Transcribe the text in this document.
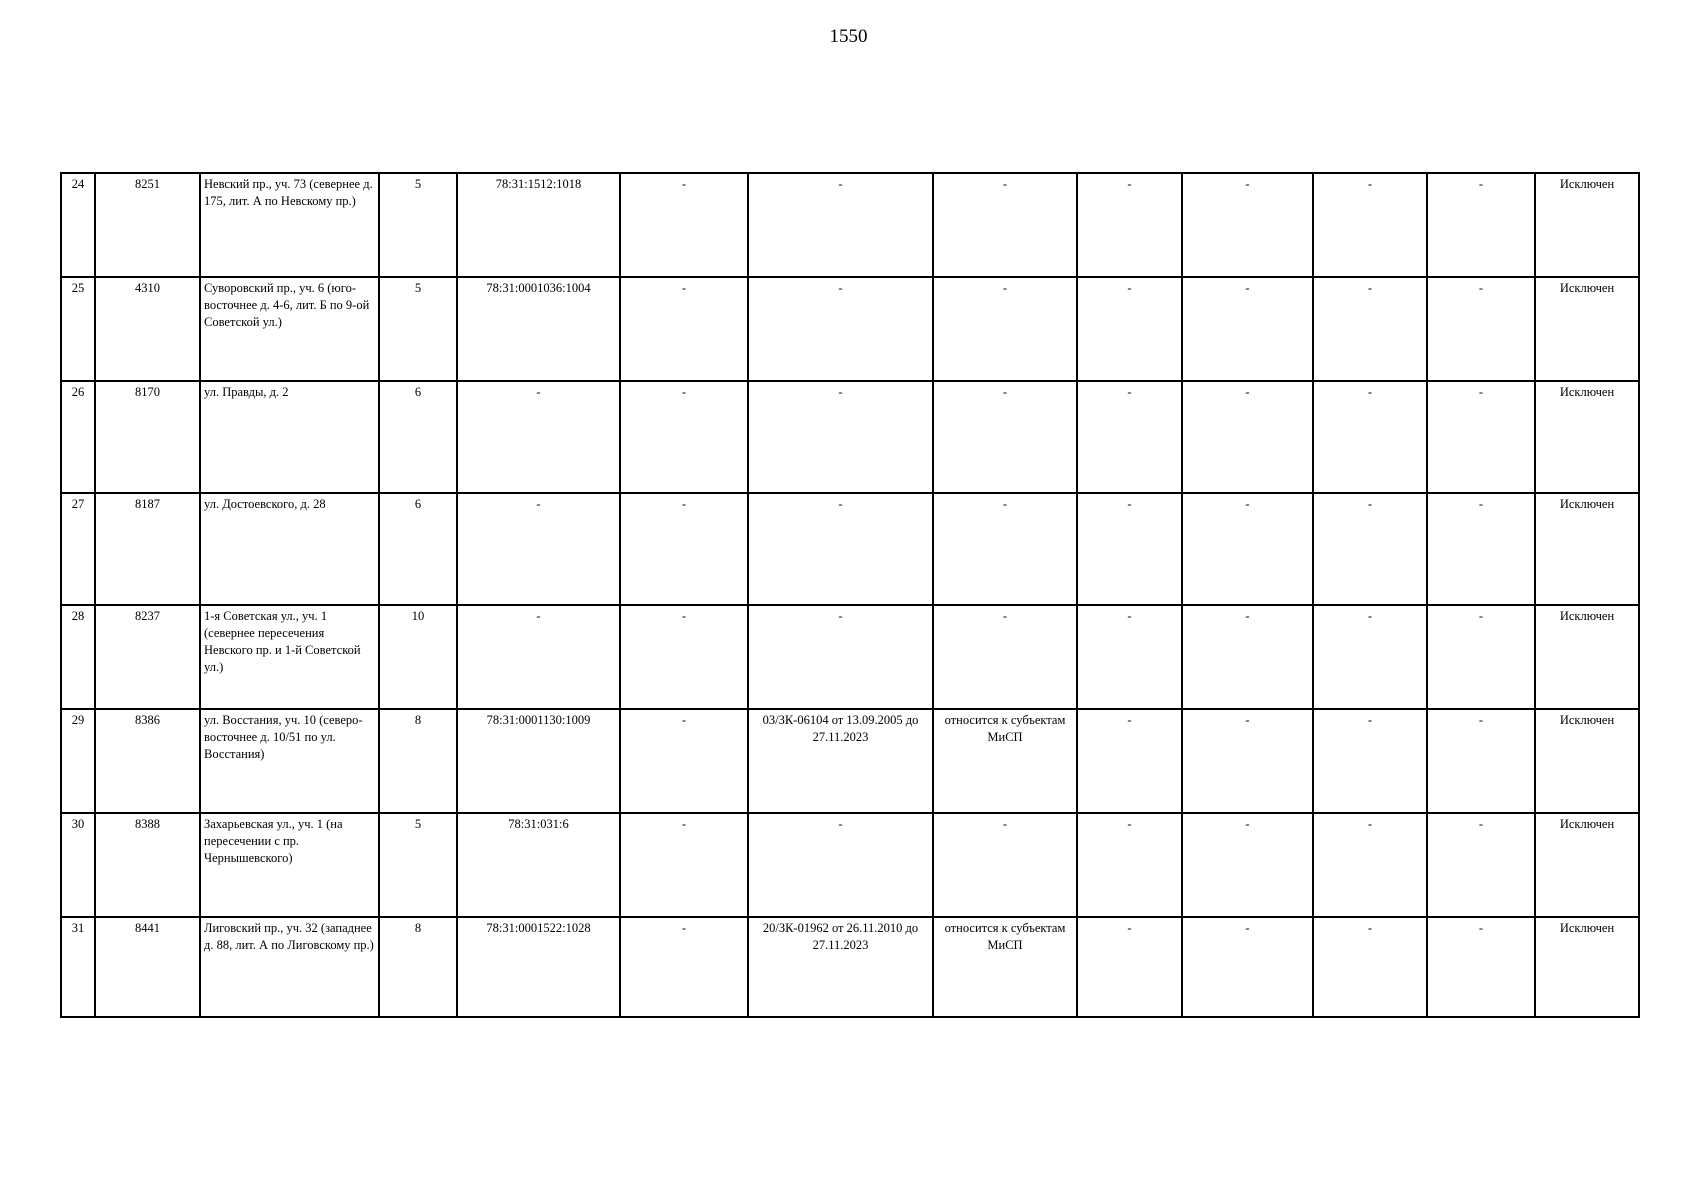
1550
24	8251	Невский пр., уч. 73 (севернее д. 175, лит. А по Невскому пр.)	5	78:31:1512:1018	-	-	-	-	-	-	-	Исключен
25	4310	Суворовский пр., уч. 6 (юго-восточнее д. 4-6, лит. Б по 9-ой Советской ул.)	5	78:31:0001036:1004	-	-	-	-	-	-	-	Исключен
26	8170	ул. Правды, д. 2	6	-	-	-	-	-	-	-	-	Исключен
27	8187	ул. Достоевского, д. 28	6	-	-	-	-	-	-	-	-	Исключен
28	8237	1-я Советская ул., уч. 1 (севернее пересечения Невского пр. и 1-й Советской ул.)	10	-	-	-	-	-	-	-	-	Исключен
29	8386	ул. Восстания, уч. 10 (северо-восточнее д. 10/51 по ул. Восстания)	8	78:31:0001130:1009	-	03/ЗК-06104 от 13.09.2005 до 27.11.2023	относится к субъектам МиСП	-	-	-	-	Исключен
30	8388	Захарьевская ул., уч. 1 (на пересечении с пр. Чернышевского)	5	78:31:031:6	-	-	-	-	-	-	-	Исключен
31	8441	Лиговский пр., уч. 32 (западнее д. 88, лит. А по Лиговскому пр.)	8	78:31:0001522:1028	-	20/ЗК-01962 от 26.11.2010 до 27.11.2023	относится к субъектам МиСП	-	-	-	-	Исключен
